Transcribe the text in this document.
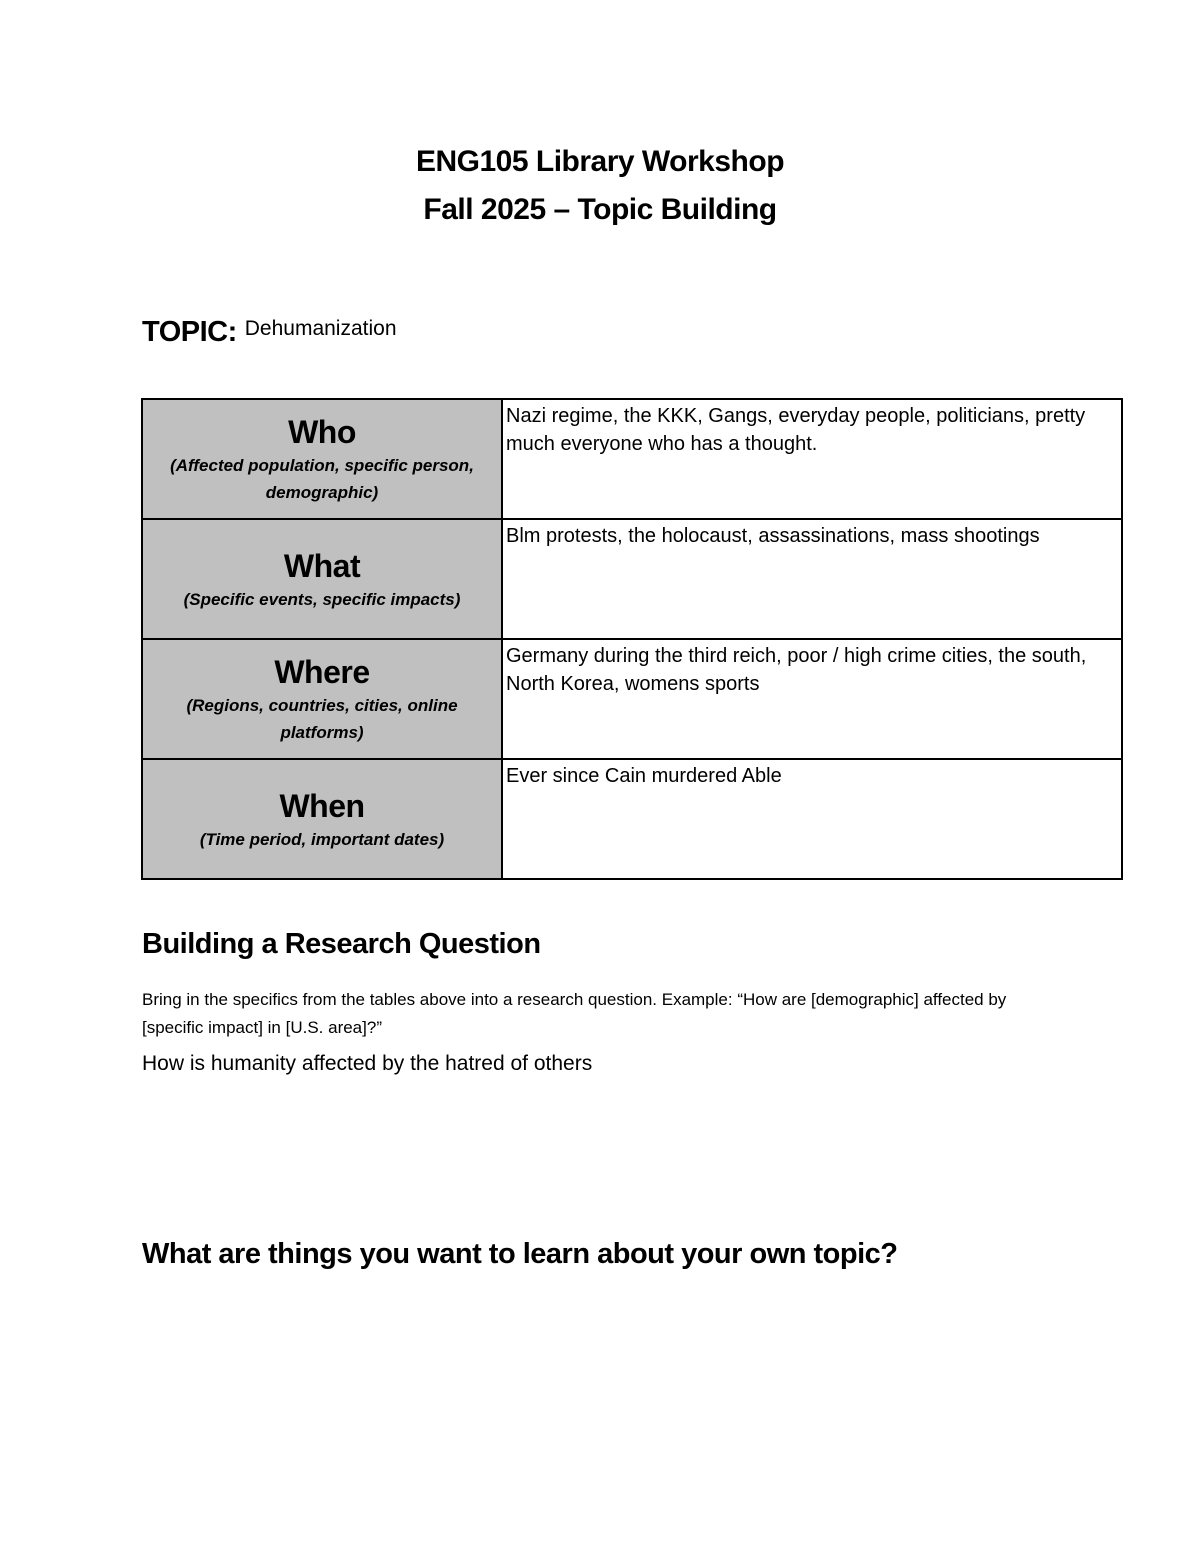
ENG105 Library Workshop
Fall 2025 – Topic Building
TOPIC: Dehumanization
Who
(Affected population, specific person, demographic)	Nazi regime, the KKK, Gangs, everyday people, politicians, pretty much everyone who has a thought.

What
(Specific events, specific impacts)	Blm protests, the holocaust, assassinations, mass shootings

Where
(Regions, countries, cities, online platforms)	Germany during the third reich, poor / high crime cities, the south, North Korea, womens sports

When
(Time period, important dates)	Ever since Cain murdered Able
Building a Research Question
Bring in the specifics from the tables above into a research question. Example: “How are [demographic] affected by [specific impact] in [U.S. area]?”
How is humanity affected by the hatred of others
What are things you want to learn about your own topic?
